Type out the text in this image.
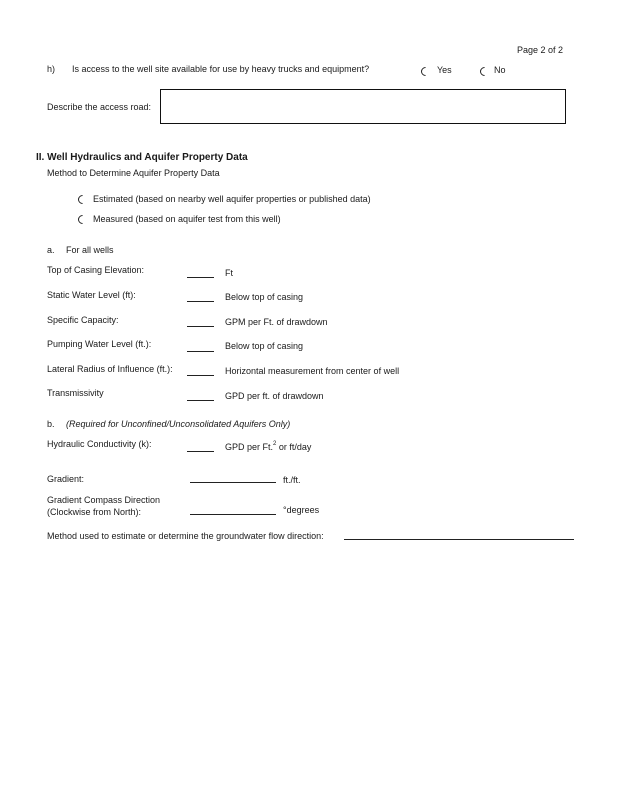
Page 2 of 2
h) Is access to the well site available for use by heavy trucks and equipment?	Yes	No
Describe the access road:
II. Well Hydraulics and Aquifer Property Data
Method to Determine Aquifer Property Data
Estimated (based on nearby well aquifer properties or published data)
Measured (based on aquifer test from this well)
a. For all wells
Top of Casing Elevation:	Ft
Static Water Level (ft):	Below top of casing
Specific Capacity:	GPM per Ft. of drawdown
Pumping Water Level (ft.):	Below top of casing
Lateral Radius of Influence (ft.):	Horizontal measurement from center of well
Transmissivity	GPD per ft. of drawdown
b. (Required for Unconfined/Unconsolidated Aquifers Only)
Hydraulic Conductivity (k):	GPD per Ft.$^2$ or ft/day
Gradient:	ft./ft.
Gradient Compass Direction
(Clockwise from North):	°degrees
Method used to estimate or determine the groundwater flow direction:
